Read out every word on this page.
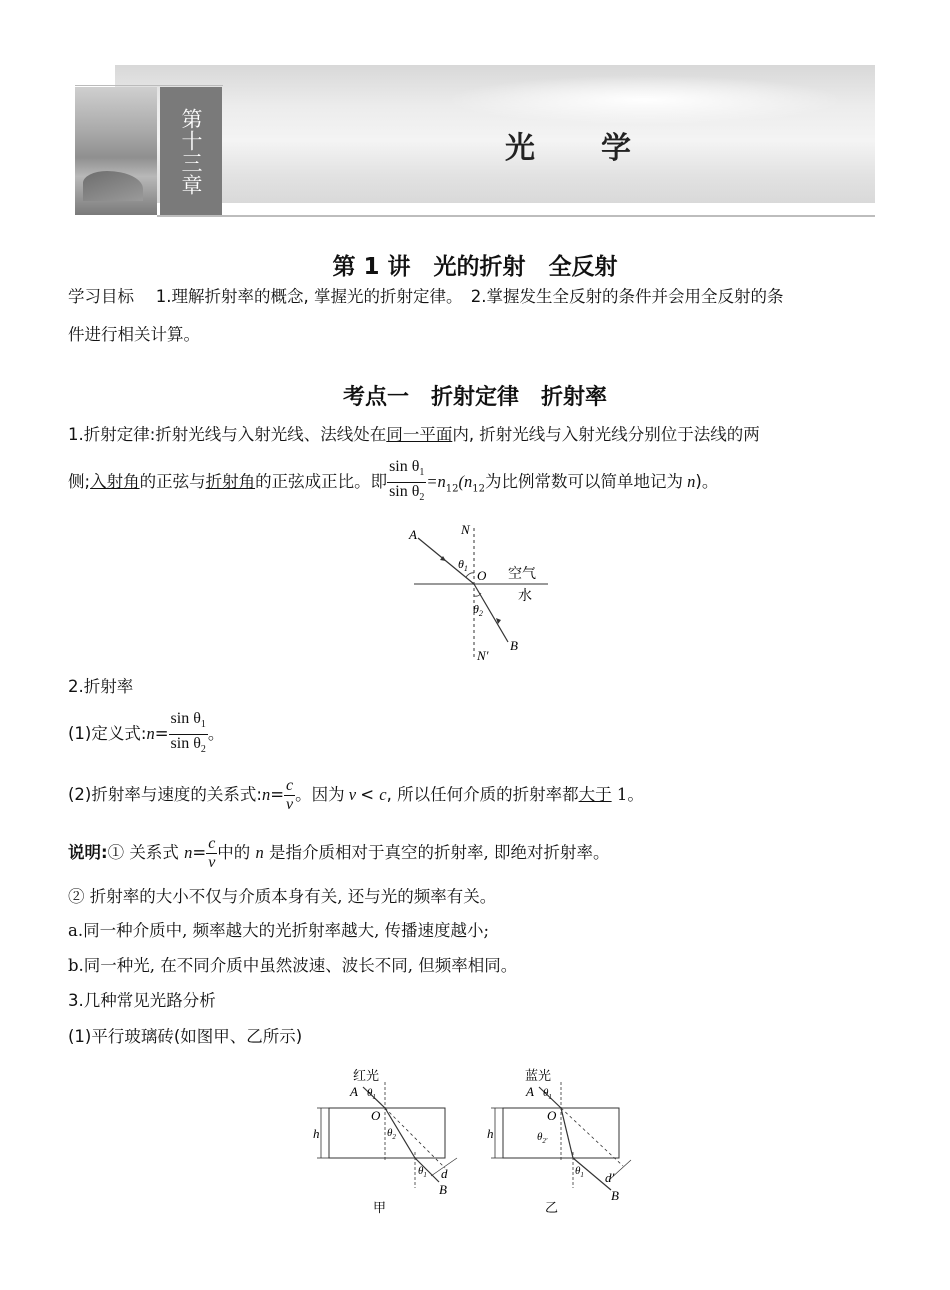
第十三章	光　学
第 1 讲　光的折射　全反射
学习目标　 1.理解折射率的概念, 掌握光的折射定律。　2.掌握发生全反射的条件并会用全反射的条
件进行相关计算。
考点一　折射定律　折射率
1.折射定律:折射光线与入射光线、法线处在同一平面内, 折射光线与入射光线分别位于法线的两
侧;入射角的正弦与折射角的正弦成正比。即 $\frac{\sin \theta_1}{\sin \theta_2} =n_{12}(n_{12}$为比例常数可以简单地记为 n)。
A	N
$\theta_1$ O 空气
水
$\theta_2$
B
N′
2.折射率
(1)定义式:n= $\frac{\sin \theta_1}{\sin \theta_2}$ 。
(2)折射率与速度的关系式:n= $\frac{c}{v}$ 。因为 v < c, 所以任何介质的折射率都大于 1。
说明:① 关系式 $n= \frac{c}{v}$ 中的 n 是指介质相对于真空的折射率, 即绝对折射率。
② 折射率的大小不仅与介质本身有关, 还与光的频率有关。
a.同一种介质中, 频率越大的光折射率越大, 传播速度越小;
b.同一种光, 在不同介质中虽然波速、波长不同, 但频率相同。
3.几种常见光路分析
(1)平行玻璃砖(如图甲、乙所示)
红光
A $\theta_1$
O
$\theta_2$
h
$\theta_1$ d
B
甲
蓝光
A $\theta_1$
O
$\theta_{2'}$
h
$\theta_1$ d′
B
乙
